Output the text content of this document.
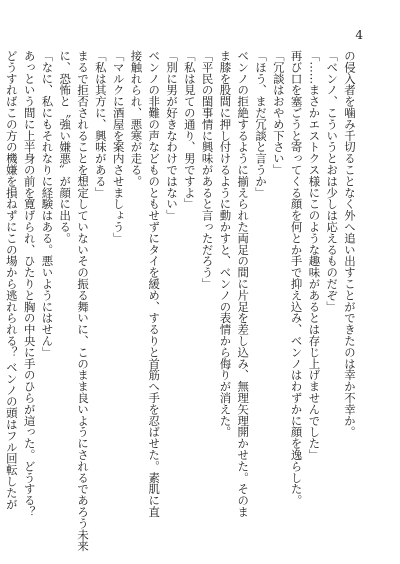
4
の侵入者を噛み千切ることなく外へ追い出すことができたのは幸か不幸か。
「ベンノ、こういうとおは少しは応えるものだぞ」
「……まさかエストクス様にこのような趣味があるとは存じ上げませんでした」
再び口を塞ごうと寄ってくる顔を何とか手で抑え込み、ベンノはわずかに顔を逸らした。
「冗談はおやめ下さい」
「ほう、まだ冗談と言うか」
ベンノの拒絶するように揃えられた両足の間に片足を差し込み、無理矢理開かせた。そのま
ま膝を股間に押し付けるように動かすと、ベンノの表情から侮りが消えた。
「平民の閨事情に興味があると言っただろう」
「私は見ての通り、男ですよ」
「別に男が好きなわけではない」
ベンノの非難の声などものともせずにタイを緩め、するりと首筋へ手を忍ばせた。素肌に直
接触れられ、悪寒が走る。
「マルクに酒屋を案内させましょう」
「私は其方に、興味がある」
まるで拒否されることを想定していないその振る舞いに、このまま良いようにされるであろう未来
に、恐怖と〝強い嫌悪〟が顔に出る。
「なに、私にもそれなりに経験はある。悪いようにはせん」
あっという間に上半身の前を寛げられ、ひたりと胸の中央に手のひらが這った。どうする？
どうすればこの方の機嫌を損ねずにこの場から逃れられる？ ベンノの頭はフル回転したが
